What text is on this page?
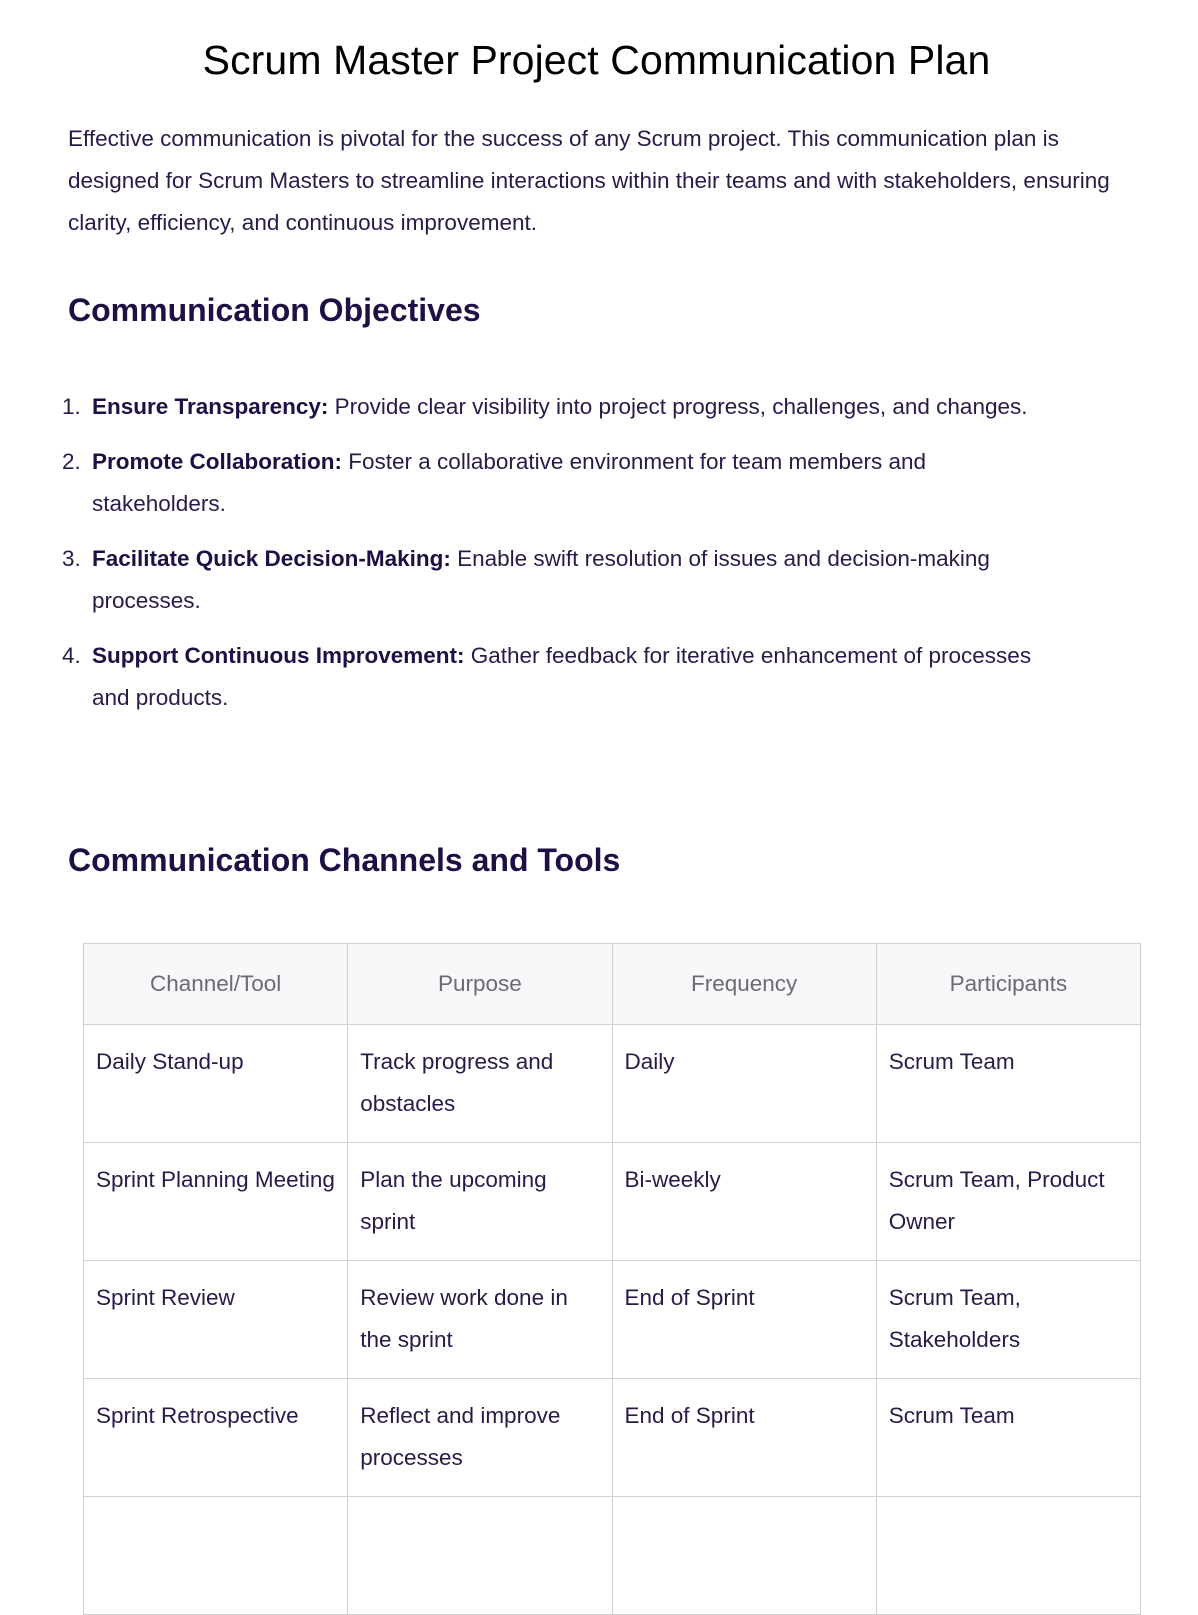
Scrum Master Project Communication Plan

Effective communication is pivotal for the success of any Scrum project. This communication plan is designed for Scrum Masters to streamline interactions within their teams and with stakeholders, ensuring clarity, efficiency, and continuous improvement.

Communication Objectives
1. Ensure Transparency: Provide clear visibility into project progress, challenges, and changes.
2. Promote Collaboration: Foster a collaborative environment for team members and stakeholders.
3. Facilitate Quick Decision-Making: Enable swift resolution of issues and decision-making processes.
4. Support Continuous Improvement: Gather feedback for iterative enhancement of processes and products.
Communication Channels and Tools
Channel/Tool	Purpose	Frequency	Participants
Daily Stand-up	Track progress and obstacles	Daily	Scrum Team
Sprint Planning Meeting	Plan the upcoming sprint	Bi-weekly	Scrum Team, Product Owner
Sprint Review	Review work done in the sprint	End of Sprint	Scrum Team, Stakeholders
Sprint Retrospective	Reflect and improve processes	End of Sprint	Scrum Team
